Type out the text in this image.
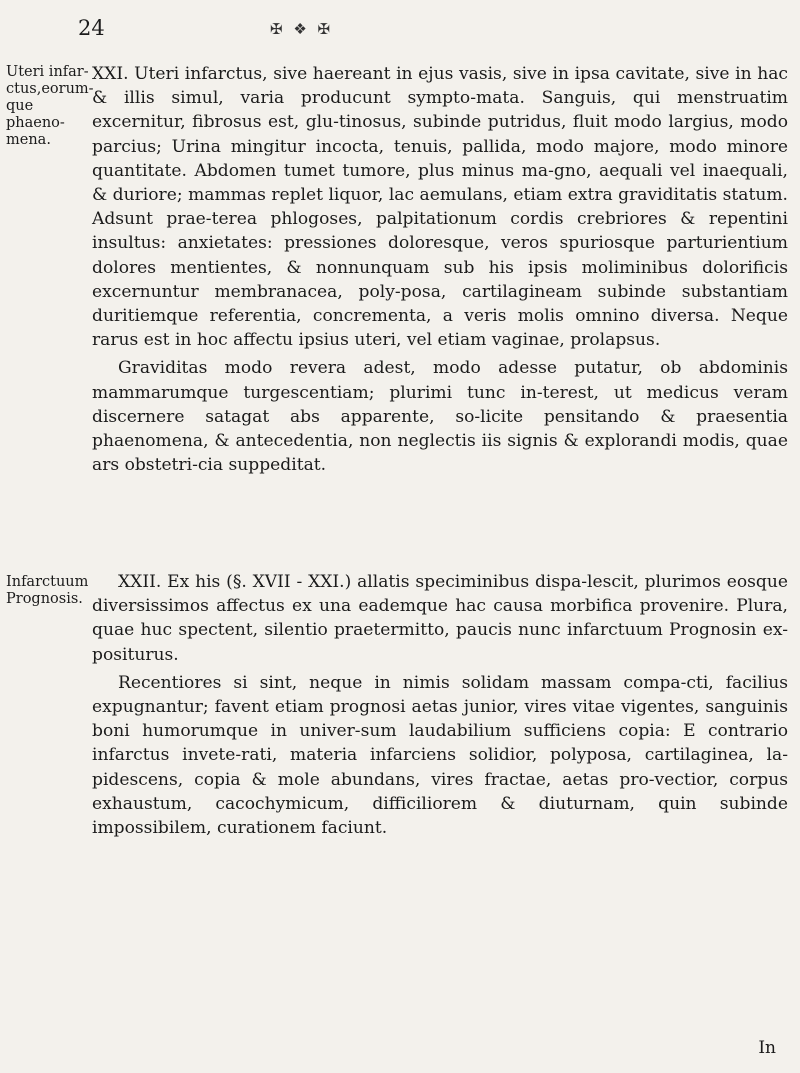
24	✠ ❖ ✠
Uteri infar-ctus,eorum-que phaeno-mena.
Infarctuum Prognosis.

XXI. Uteri infarctus, sive haereant in ejus vasis, sive in ipsa cavitate, sive in hac & illis simul, varia producunt sympto-mata. Sanguis, qui menstruatim excernitur, fibrosus est, glu-tinosus, subinde putridus, fluit modo largius, modo parcius; Urina mingitur incocta, tenuis, pallida, modo majore, modo minore quantitate. Abdomen tumet tumore, plus minus ma-gno, aequali vel inaequali, & duriore; mammas replet liquor, lac aemulans, etiam extra graviditatis statum. Adsunt prae-terea phlogoses, palpitationum cordis crebriores & repentini insultus: anxietates: pressiones doloresque, veros spuriosque parturientium dolores mentientes, & nonnunquam sub his ipsis moliminibus dolorificis excernuntur membranacea, poly-posa, cartilagineam subinde substantiam duritiemque referentia, concrementa, a veris molis omnino diversa. Neque rarus est in hoc affectu ipsius uteri, vel etiam vaginae, prolapsus.

Graviditas modo revera adest, modo adesse putatur, ob abdominis mammarumque turgescentiam; plurimi tunc in-terest, ut medicus veram discernere satagat abs apparente, so-licite pensitando & praesentia phaenomena, & antecedentia, non neglectis iis signis & explorandi modis, quae ars obstetri-cia suppeditat.

XXII. Ex his (§. XVII - XXI.) allatis speciminibus dispa-lescit, plurimos eosque diversissimos affectus ex una eademque hac causa morbifica provenire. Plura, quae huc spectent, silentio praetermitto, paucis nunc infarctuum Prognosin ex-positurus.

Recentiores si sint, neque in nimis solidam massam compa-cti, facilius expugnantur; favent etiam prognosi aetas junior, vires vitae vigentes, sanguinis boni humorumque in univer-sum laudabilium sufficiens copia: E contrario infarctus invete-rati, materia infarciens solidior, polyposa, cartilaginea, la-pidescens, copia & mole abundans, vires fractae, aetas pro-vectior, corpus exhaustum, cacochymicum, difficiliorem & diuturnam, quin subinde impossibilem, curationem faciunt.

In
